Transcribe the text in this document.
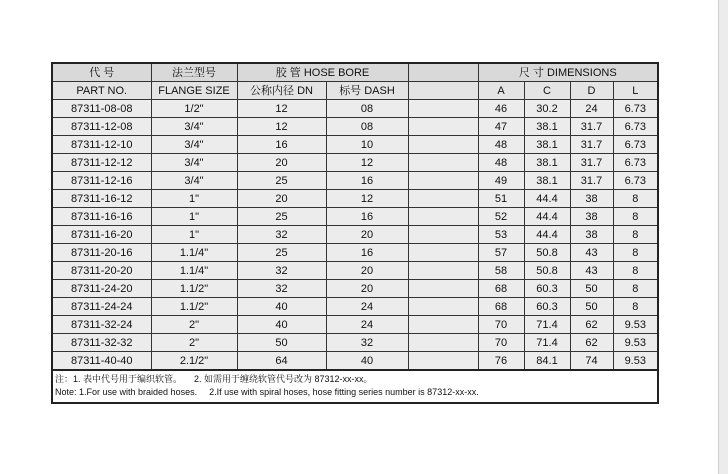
代 号	法兰型号	胶 管 HOSE BORE			尺 寸 DIMENSIONS			
PART NO.	FLANGE SIZE	公称内径 DN	标号 DASH		A	C	D	L
87311-08-08	1/2"	12	08		46	30.2	24	6.73
87311-12-08	3/4"	12	08		47	38.1	31.7	6.73
87311-12-10	3/4"	16	10		48	38.1	31.7	6.73
87311-12-12	3/4"	20	12		48	38.1	31.7	6.73
87311-12-16	3/4"	25	16		49	38.1	31.7	6.73
87311-16-12	1"	20	12		51	44.4	38	8
87311-16-16	1"	25	16		52	44.4	38	8
87311-16-20	1"	32	20		53	44.4	38	8
87311-20-16	1.1/4"	25	16		57	50.8	43	8
87311-20-20	1.1/4"	32	20		58	50.8	43	8
87311-24-20	1.1/2"	32	20		68	60.3	50	8
87311-24-24	1.1/2"	40	24		68	60.3	50	8
87311-32-24	2"	40	24		70	71.4	62	9.53
87311-32-32	2"	50	32		70	71.4	62	9.53
87311-40-40	2.1/2"	64	40		76	84.1	74	9.53
注：1. 表中代号用于编织软管。 2. 如需用于缠绕软管代号改为 87312-xx-xx。
Note: 1.For use with braided hoses. 2.If use with spiral hoses, hose fitting series number is 87312-xx-xx.
